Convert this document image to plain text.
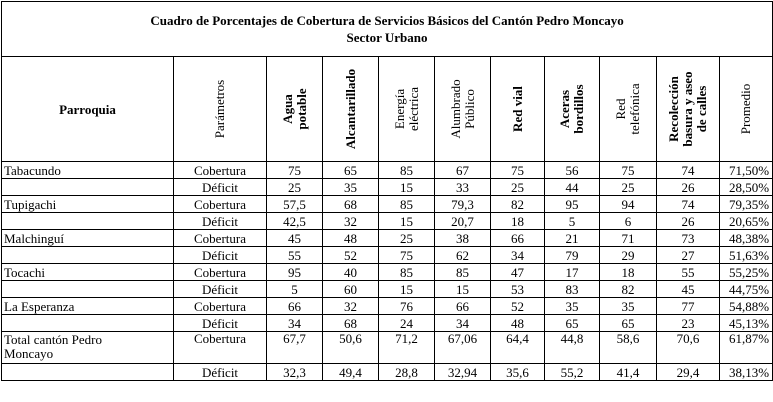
Cuadro de Porcentajes de Cobertura de Servicios Básicos del Cantón Pedro Moncayo
Sector Urbano										

Parroquia	Parámetros	Agua potable	Alcantarillado	Energía eléctrica	Alumbrado Público	Red vial	Aceras bordillos	Red telefónica	Recolección basura y aseo de calles	Promedio

Tabacundo	Cobertura	75	65	85	67	75	56	75	74	71,50%
	Déficit	25	35	15	33	25	44	25	26	28,50%
Tupigachi	Cobertura	57,5	68	85	79,3	82	95	94	74	79,35%
	Déficit	42,5	32	15	20,7	18	5	6	26	20,65%
Malchinguí	Cobertura	45	48	25	38	66	21	71	73	48,38%
	Déficit	55	52	75	62	34	79	29	27	51,63%
Tocachi	Cobertura	95	40	85	85	47	17	18	55	55,25%
	Déficit	5	60	15	15	53	83	82	45	44,75%
La Esperanza	Cobertura	66	32	76	66	52	35	35	77	54,88%
	Déficit	34	68	24	34	48	65	65	23	45,13%

Total cantón Pedro
Moncayo	Cobertura	67,7	50,6	71,2	67,06	64,4	44,8	58,6	70,6	61,87%
	Déficit	32,3	49,4	28,8	32,94	35,6	55,2	41,4	29,4	38,13%
